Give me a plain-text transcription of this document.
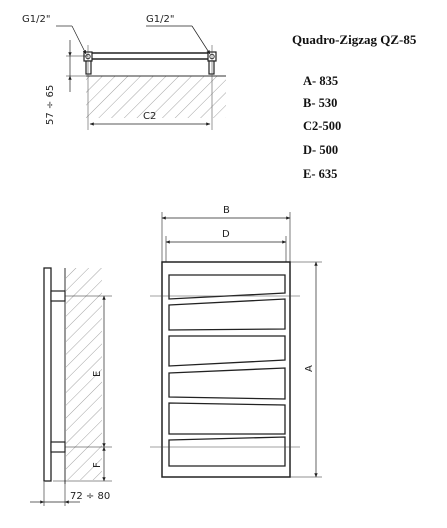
G1/2"	G1/2"
57 ÷ 65	C2
Quadro-Zigzag QZ-85
A- 835
B- 530
C2-500
D- 500
E- 635
E
F
72 ÷ 80
B
D
A
